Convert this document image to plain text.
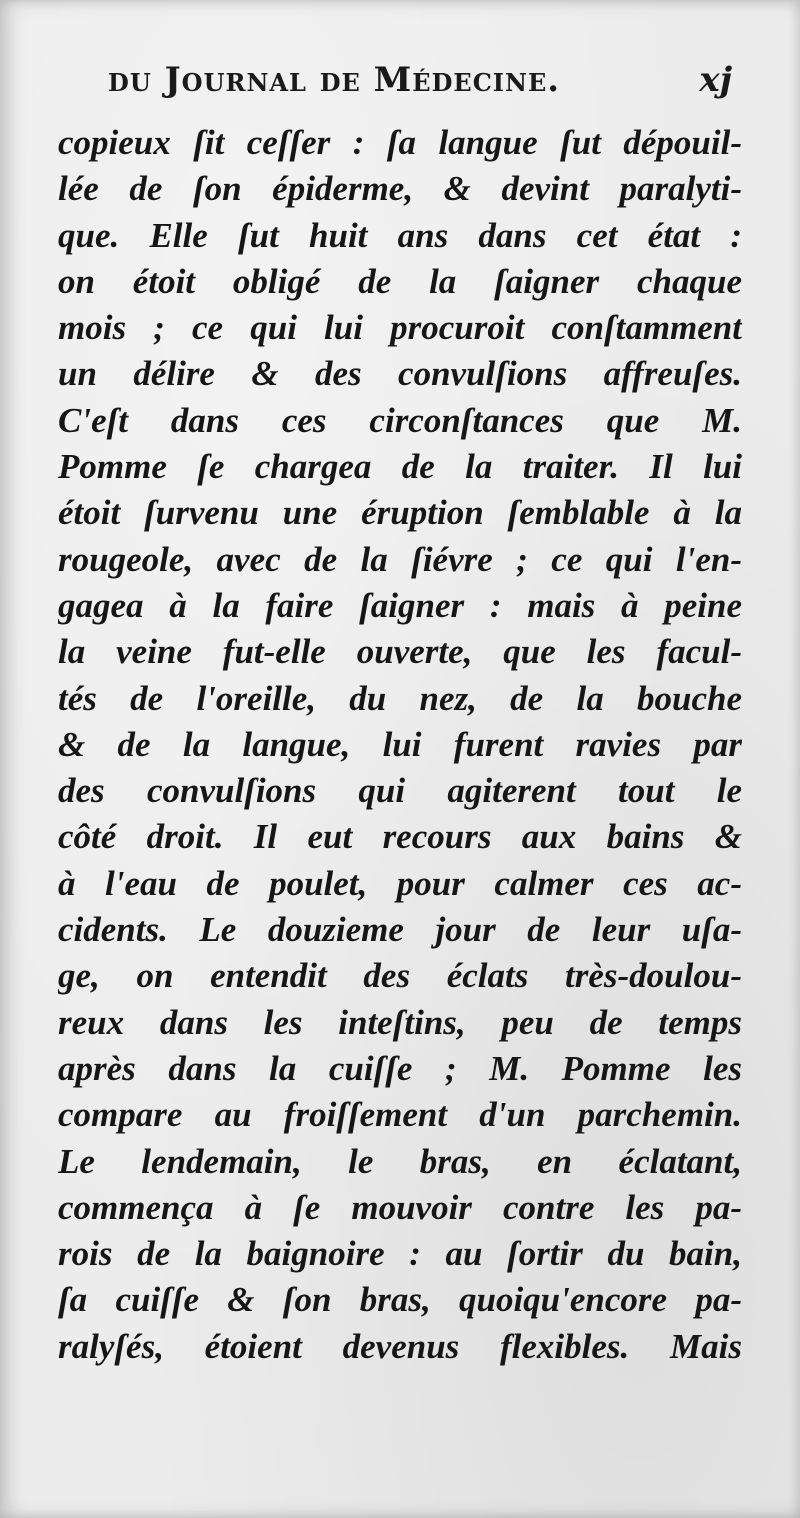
du Journal de Médecine.	xj
copieux ſit ceſſer : ſa langue ſut dépouil-
lée de ſon épiderme, & devint paralyti-
que. Elle ſut huit ans dans cet état :
on étoit obligé de la ſaigner chaque
mois ; ce qui lui procuroit conſtamment
un délire & des convulſions affreuſes.
C'eſt dans ces circonſtances que M.
Pomme ſe chargea de la traiter. Il lui
étoit ſurvenu une éruption ſemblable à la
rougeole, avec de la ſiévre ; ce qui l'en-
gagea à la faire ſaigner : mais à peine
la veine fut-elle ouverte, que les facul-
tés de l'oreille, du nez, de la bouche
& de la langue, lui furent ravies par
des convulſions qui agiterent tout le
côté droit. Il eut recours aux bains &
à l'eau de poulet, pour calmer ces ac-
cidents. Le douzieme jour de leur uſa-
ge, on entendit des éclats très-doulou-
reux dans les inteſtins, peu de temps
après dans la cuiſſe ; M. Pomme les
compare au froiſſement d'un parchemin.
Le lendemain, le bras, en éclatant,
commença à ſe mouvoir contre les pa-
rois de la baignoire : au ſortir du bain,
ſa cuiſſe & ſon bras, quoiqu'encore pa-
ralyſés, étoient devenus flexibles. Mais
